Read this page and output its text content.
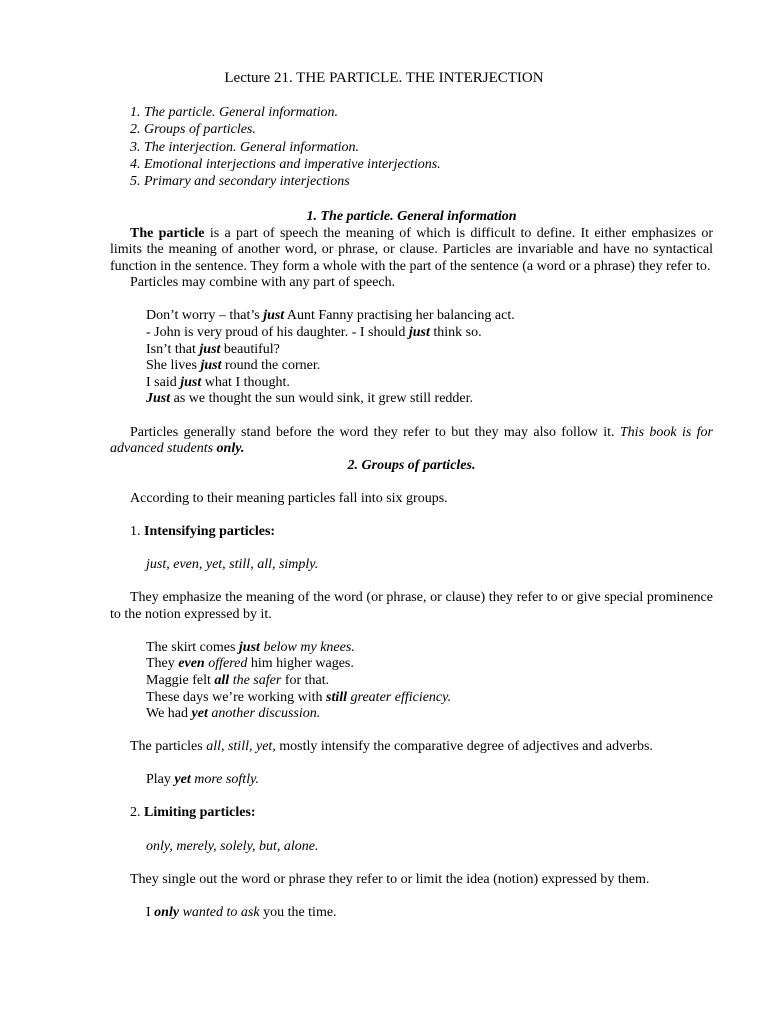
Lecture 21. THE PARTICLE. THE INTERJECTION
1. The particle. General information.
2. Groups of particles.
3. The interjection. General information.
4. Emotional interjections and imperative interjections.
5. Primary and secondary interjections
1. The particle. General information
The particle is a part of speech the meaning of which is difficult to define. It either emphasizes or limits the meaning of another word, or phrase, or clause. Particles are invariable and have no syntactical function in the sentence. They form a whole with the part of the sentence (a word or a phrase) they refer to.
Particles may combine with any part of speech.
Don’t worry – that’s just Aunt Fanny practising her balancing act.
- John is very proud of his daughter. - I should just think so.
Isn’t that just beautiful?
She lives just round the corner.
I said just what I thought.
Just as we thought the sun would sink, it grew still redder.
Particles generally stand before the word they refer to but they may also follow it. This book is for advanced students only.
2. Groups of particles.
According to their meaning particles fall into six groups.
1. Intensifying particles:
just, even, yet, still, all, simply.
They emphasize the meaning of the word (or phrase, or clause) they refer to or give special prominence to the notion expressed by it.
The skirt comes just below my knees.
They even offered him higher wages.
Maggie felt all the safer for that.
These days we’re working with still greater efficiency.
We had yet another discussion.
The particles all, still, yet, mostly intensify the comparative degree of adjectives and adverbs.
Play yet more softly.
2. Limiting particles:
only, merely, solely, but, alone.
They single out the word or phrase they refer to or limit the idea (notion) expressed by them.
I only wanted to ask you the time.
